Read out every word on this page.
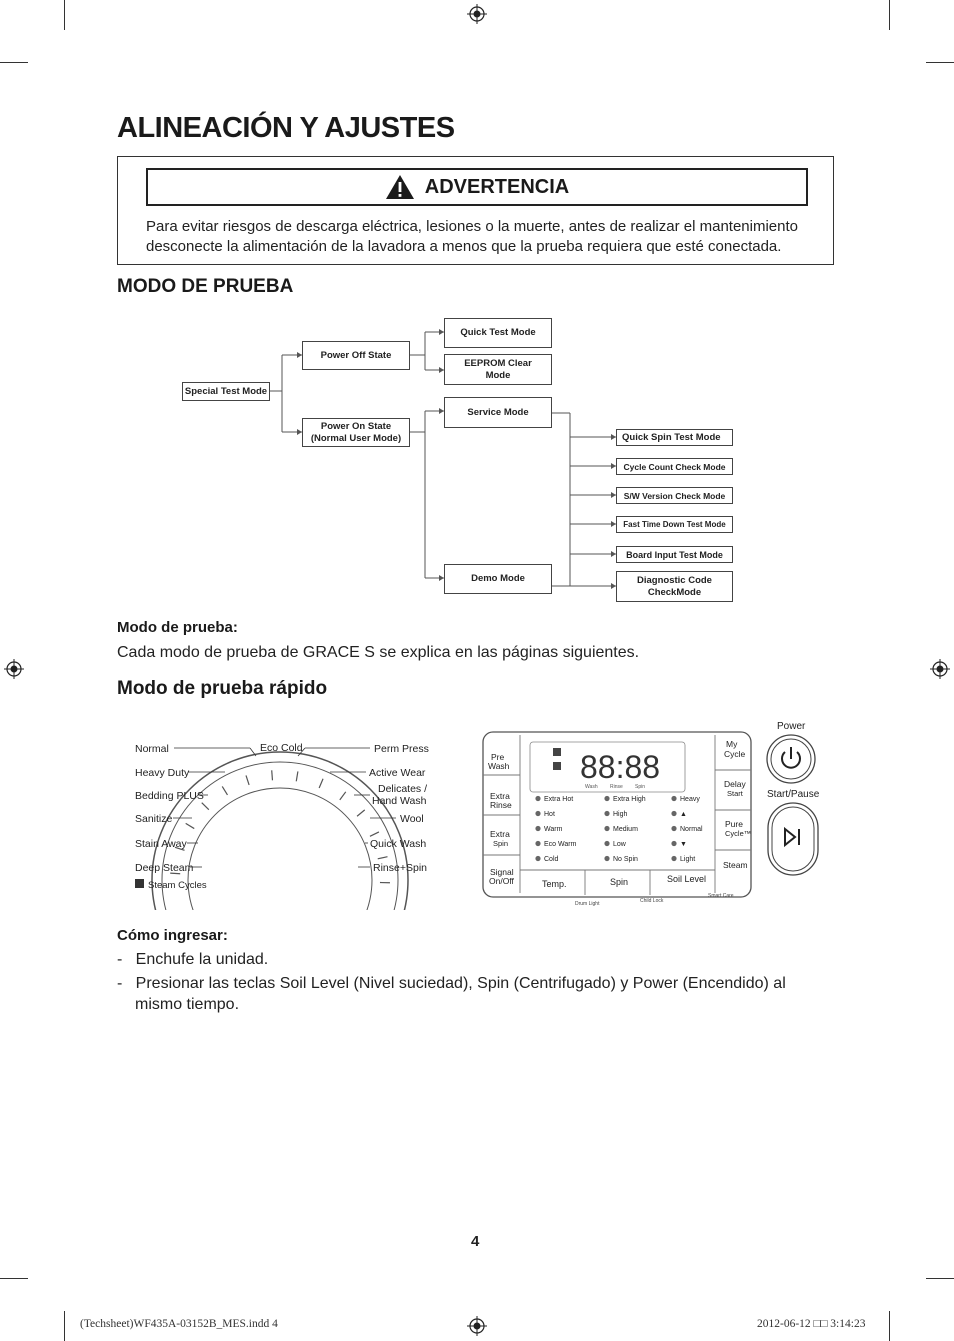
ALINEACIÓN Y AJUSTES
ADVERTENCIA
Para evitar riesgos de descarga eléctrica, lesiones o la muerte, antes de realizar el mantenimiento desconecte la alimentación de la lavadora a menos que la prueba requiera que esté conectada.
MODO DE PRUEBA
Special Test Mode
Power Off State
Power On State
(Normal User Mode)
Quick Test Mode
EEPROM Clear
Mode
Service Mode
Demo Mode
Quick Spin Test Mode
Cycle Count Check Mode
S/W Version Check Mode
Fast Time Down Test Mode
Board Input Test Mode
Diagnostic Code
CheckMode
Modo de prueba:
Cada modo de prueba de GRACE S se explica en las páginas siguientes.
Modo de prueba rápido
Normal
Heavy Duty
Bedding PLUS
Sanitize
Stain Away
Deep Steam
Steam Cycles
Eco Cold	Perm Press
Active Wear
Delicates /
Hand Wash
Wool
Quick Wash
Rinse+Spin
88:88
Wash Rinse Spin
Pre
Wash
Extra
Rinse
Extra
Spin
Signal
On/Off
My
Cycle
Delay
Start
Pure
Cycle™
Steam
Extra Hot
Hot
Warm
Eco Warm
Cold
Extra High
High
Medium
Low
No Spin
Heavy
▲
Normal
▼
Light
Temp.	Spin	Soil Level
Drum Light	Child Lock
Smart Care
Power
Start/Pause
Cómo ingresar:
-   Enchufe la unidad.
-   Presionar las teclas Soil Level (Nivel suciedad), Spin (Centrifugado) y Power (Encendido) al
mismo tiempo.
4
(Techsheet)WF435A-03152B_MES.indd 4	2012-06-12 □□ 3:14:23
